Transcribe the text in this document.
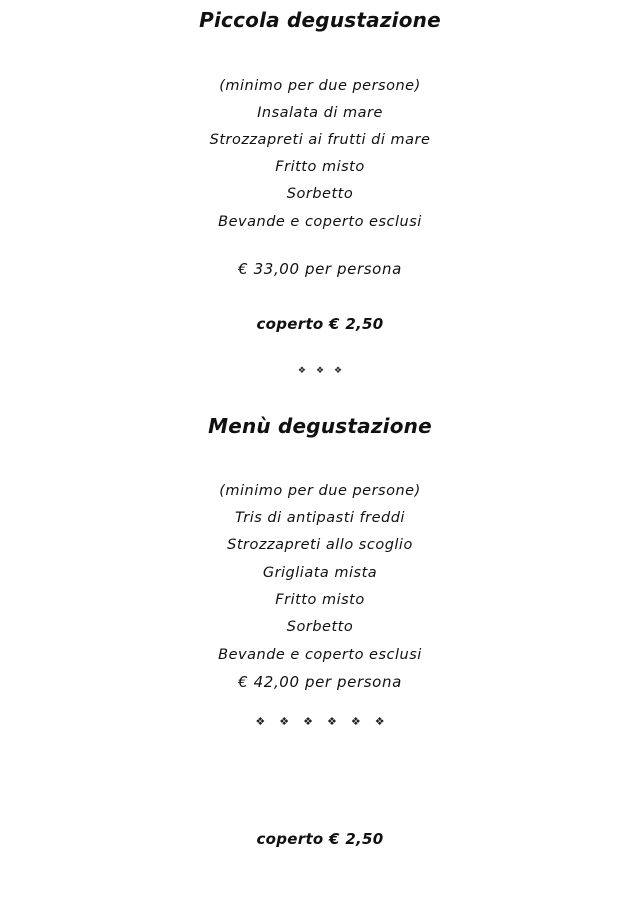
Piccola degustazione
(minimo per due persone)
Insalata di mare
Strozzapreti ai frutti di mare
Fritto misto
Sorbetto
Bevande e coperto esclusi
€ 33,00 per persona
coperto € 2,50
❖ ❖ ❖
Menù degustazione
(minimo per due persone)
Tris di antipasti freddi
Strozzapreti allo scoglio
Grigliata mista
Fritto misto
Sorbetto
Bevande e coperto esclusi
€ 42,00 per persona
❖ ❖ ❖ ❖ ❖ ❖
coperto € 2,50
